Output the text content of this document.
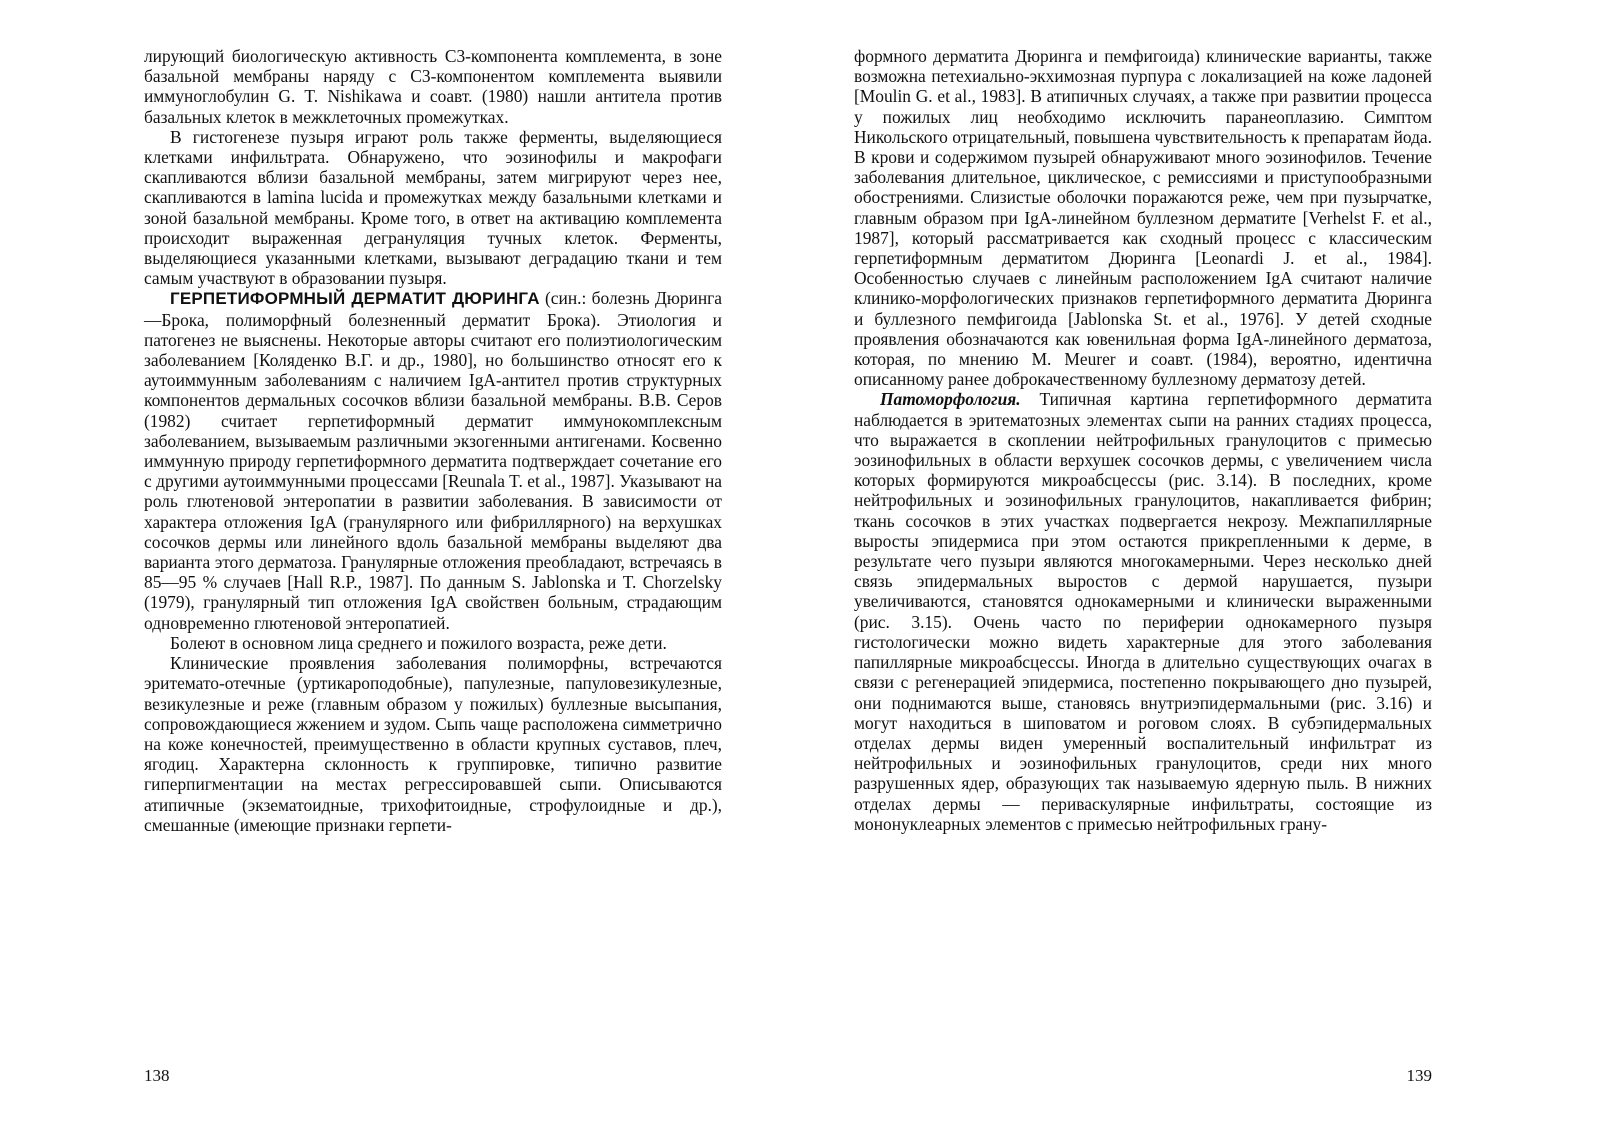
лирующий биологическую активность С3-компонента комплемента, в зоне базальной мембраны наряду с С3-компонентом комплемента выявили иммуноглобулин G. T. Nishikawa и соавт. (1980) нашли антитела против базальных клеток в межклеточных промежутках.

В гистогенезе пузыря играют роль также ферменты, выделяющиеся клетками инфильтрата. Обнаружено, что эозинофилы и макрофаги скапливаются вблизи базальной мембраны, затем мигрируют через нее, скапливаются в lamina lucida и промежутках между базальными клетками и зоной базальной мембраны. Кроме того, в ответ на активацию комплемента происходит выраженная дегрануляция тучных клеток. Ферменты, выделяющиеся указанными клетками, вызывают деградацию ткани и тем самым участвуют в образовании пузыря.

ГЕРПЕТИФОРМНЫЙ ДЕРМАТИТ ДЮРИНГА (син.: болезнь Дюринга—Брока, полиморфный болезненный дерматит Брока). Этиология и патогенез не выяснены. Некоторые авторы считают его полиэтиологическим заболеванием [Коляденко В.Г. и др., 1980], но большинство относят его к аутоиммунным заболеваниям с наличием IgA-антител против структурных компонентов дермальных сосочков вблизи базальной мембраны. В.В. Серов (1982) считает герпетиформный дерматит иммунокомплексным заболеванием, вызываемым различными экзогенными антигенами. Косвенно иммунную природу герпетиформного дерматита подтверждает сочетание его с другими аутоиммунными процессами [Reunala T. et al., 1987]. Указывают на роль глютеновой энтеропатии в развитии заболевания. В зависимости от характера отложения IgA (гранулярного или фибриллярного) на верхушках сосочков дермы или линейного вдоль базальной мембраны выделяют два варианта этого дерматоза. Гранулярные отложения преобладают, встречаясь в 85—95 % случаев [Hall R.P., 1987]. По данным S. Jablonska и T. Chorzelsky (1979), гранулярный тип отложения IgA свойствен больным, страдающим одновременно глютеновой энтеропатией.

Болеют в основном лица среднего и пожилого возраста, реже дети.

Клинические проявления заболевания полиморфны, встречаются эритемато-отечные (уртикароподобные), папулезные, папуловезикулезные, везикулезные и реже (главным образом у пожилых) буллезные высыпания, сопровождающиеся жжением и зудом. Сыпь чаще расположена симметрично на коже конечностей, преимущественно в области крупных суставов, плеч, ягодиц. Характерна склонность к группировке, типично развитие гиперпигментации на местах регрессировавшей сыпи. Описываются атипичные (экзематоидные, трихофитоидные, строфулоидные и др.), смешанные (имеющие признаки герпети-

138

формного дерматита Дюринга и пемфигоида) клинические варианты, также возможна петехиально-экхимозная пурпура с локализацией на коже ладоней [Moulin G. et al., 1983]. В атипичных случаях, а также при развитии процесса у пожилых лиц необходимо исключить паранеоплазию. Симптом Никольского отрицательный, повышена чувствительность к препаратам йода. В крови и содержимом пузырей обнаруживают много эозинофилов. Течение заболевания длительное, циклическое, с ремиссиями и приступообразными обострениями. Слизистые оболочки поражаются реже, чем при пузырчатке, главным образом при IgA-линейном буллезном дерматите [Verhelst F. et al., 1987], который рассматривается как сходный процесс с классическим герпетиформным дерматитом Дюринга [Leonardi J. et al., 1984]. Особенностью случаев с линейным расположением IgA считают наличие клинико-морфологических признаков герпетиформного дерматита Дюринга и буллезного пемфигоида [Jablonska St. et al., 1976]. У детей сходные проявления обозначаются как ювенильная форма IgA-линейного дерматоза, которая, по мнению M. Meurer и соавт. (1984), вероятно, идентична описанному ранее доброкачественному буллезному дерматозу детей.

Патоморфология. Типичная картина герпетиформного дерматита наблюдается в эритематозных элементах сыпи на ранних стадиях процесса, что выражается в скоплении нейтрофильных гранулоцитов с примесью эозинофильных в области верхушек сосочков дермы, с увеличением числа которых формируются микроабсцессы (рис. 3.14). В последних, кроме нейтрофильных и эозинофильных гранулоцитов, накапливается фибрин; ткань сосочков в этих участках подвергается некрозу. Межпапиллярные выросты эпидермиса при этом остаются прикрепленными к дерме, в результате чего пузыри являются многокамерными. Через несколько дней связь эпидермальных выростов с дермой нарушается, пузыри увеличиваются, становятся однокамерными и клинически выраженными (рис. 3.15). Очень часто по периферии однокамерного пузыря гистологически можно видеть характерные для этого заболевания папиллярные микроабсцессы. Иногда в длительно существующих очагах в связи с регенерацией эпидермиса, постепенно покрывающего дно пузырей, они поднимаются выше, становясь внутриэпидермальными (рис. 3.16) и могут находиться в шиповатом и роговом слоях. В субэпидермальных отделах дермы виден умеренный воспалительный инфильтрат из нейтрофильных и эозинофильных гранулоцитов, среди них много разрушенных ядер, образующих так называемую ядерную пыль. В нижних отделах дермы — периваскулярные инфильтраты, состоящие из мононуклеарных элементов с примесью нейтрофильных грану-

139
